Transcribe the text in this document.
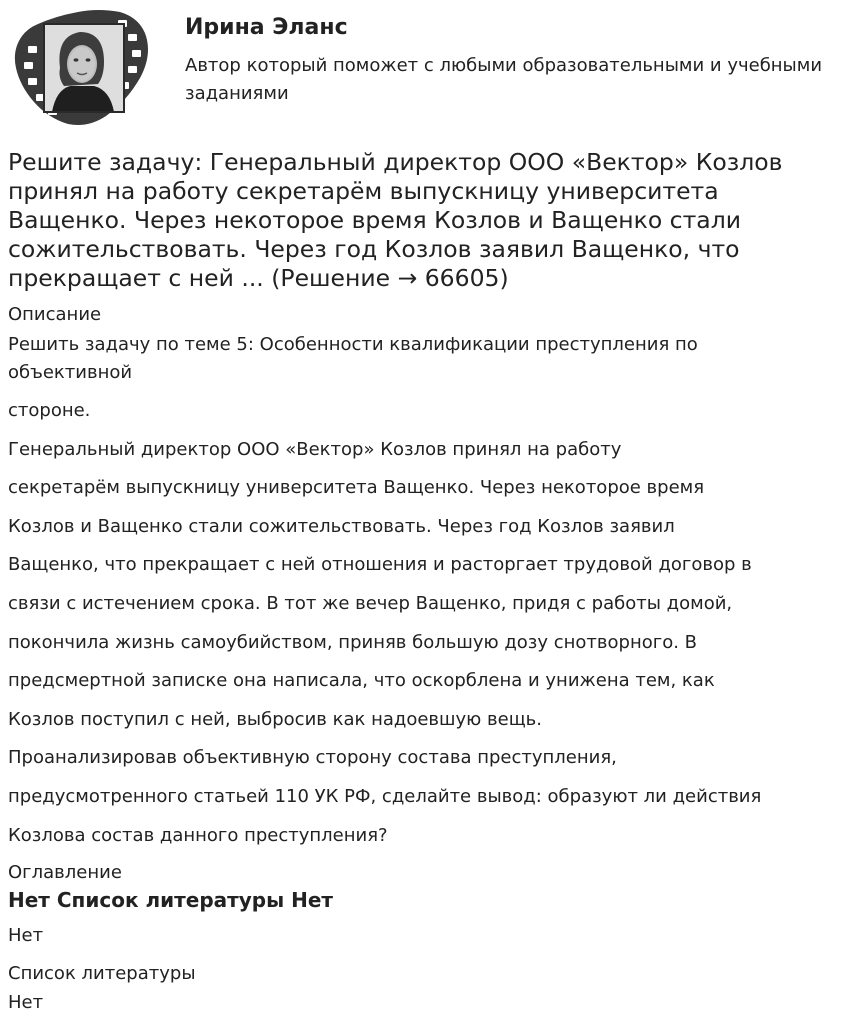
Ирина Эланс

Автор который поможет с любыми образовательными и учебными заданиями

Решите задачу: Генеральный директор ООО «Вектор» Козлов принял на работу секретарём выпускницу университета Ващенко. Через некоторое время Козлов и Ващенко стали сожительствовать. Через год Козлов заявил Ващенко, что прекращает с ней ... (Решение → 66605)

Описание

Решить задачу по теме 5: Особенности квалификации преступления по объективной

стороне.
Генеральный директор ООО «Вектор» Козлов принял на работу
секретарём выпускницу университета Ващенко. Через некоторое время
Козлов и Ващенко стали сожительствовать. Через год Козлов заявил
Ващенко, что прекращает с ней отношения и расторгает трудовой договор в
связи с истечением срока. В тот же вечер Ващенко, придя с работы домой,
покончила жизнь самоубийством, приняв большую дозу снотворного. В
предсмертной записке она написала, что оскорблена и унижена тем, как
Козлов поступил с ней, выбросив как надоевшую вещь.
Проанализировав объективную сторону состава преступления,
предусмотренного статьей 110 УК РФ, сделайте вывод: образуют ли действия
Козлова состав данного преступления?

Оглавление

Нет Список литературы Нет

Нет

Список литературы

Нет
